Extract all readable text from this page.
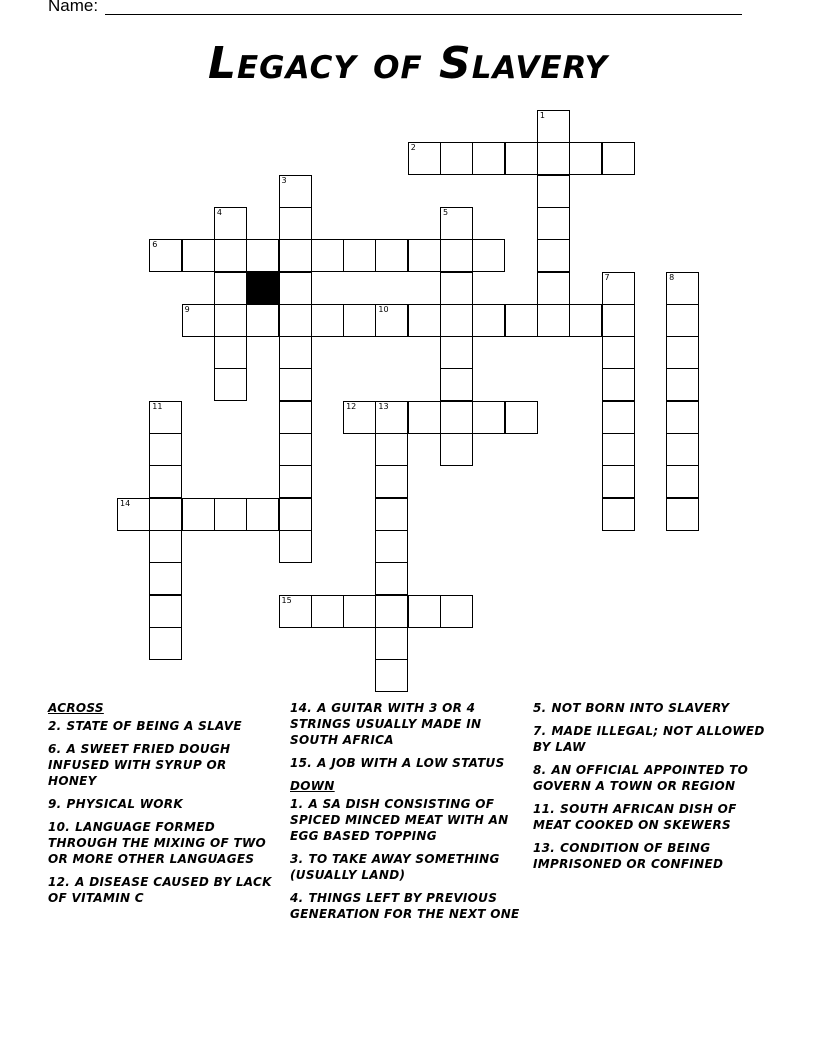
Name:
Legacy of Slavery
1
2
3
4	5
6
7	8
9	10
11	12	13
14
15
ACROSS
2. STATE OF BEING A SLAVE
6. A SWEET FRIED DOUGH INFUSED WITH SYRUP OR HONEY
9. PHYSICAL WORK
10. LANGUAGE FORMED THROUGH THE MIXING OF TWO OR MORE OTHER LANGUAGES
12. A DISEASE CAUSED BY LACK OF VITAMIN C
14. A GUITAR WITH 3 OR 4 STRINGS USUALLY MADE IN SOUTH AFRICA
15. A JOB WITH A LOW STATUS
DOWN
1. A SA DISH CONSISTING OF SPICED MINCED MEAT WITH AN EGG BASED TOPPING
3. TO TAKE AWAY SOMETHING (USUALLY LAND)
4. THINGS LEFT BY PREVIOUS GENERATION FOR THE NEXT ONE
5. NOT BORN INTO SLAVERY
7. MADE ILLEGAL; NOT ALLOWED BY LAW
8. AN OFFICIAL APPOINTED TO GOVERN A TOWN OR REGION
11. SOUTH AFRICAN DISH OF MEAT COOKED ON SKEWERS
13. CONDITION OF BEING IMPRISONED OR CONFINED
